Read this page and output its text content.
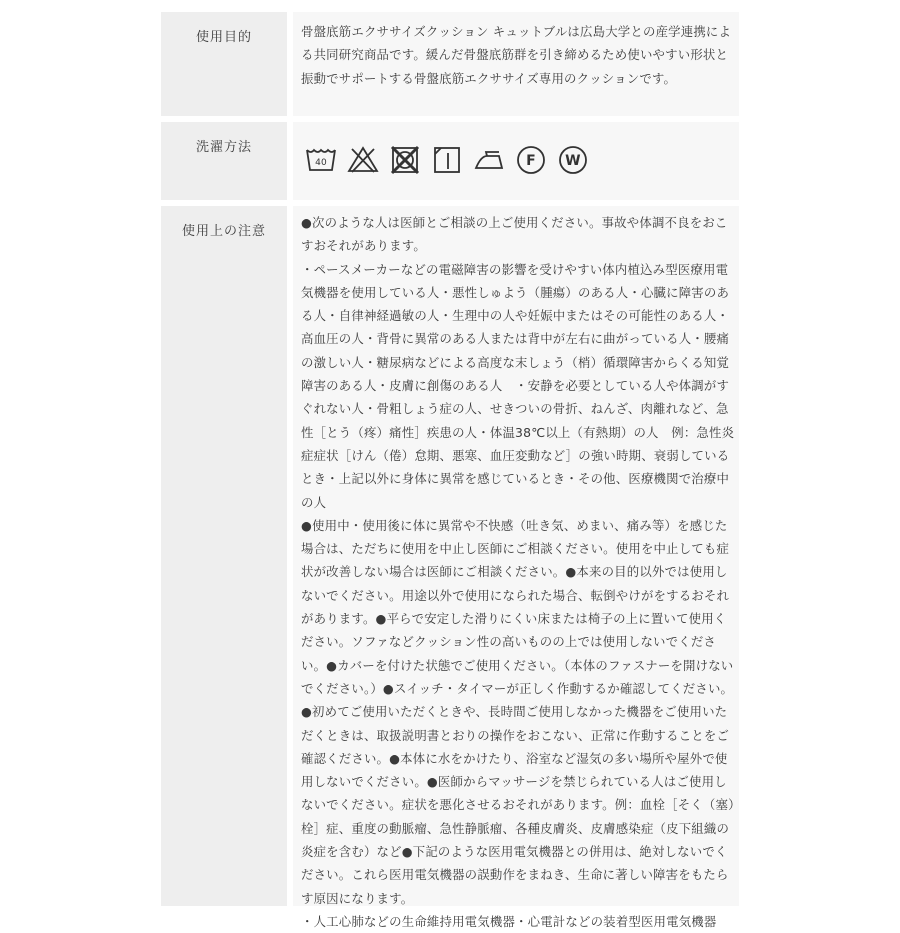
使用目的	骨盤底筋エクササイズクッション キュットブルは広島大学との産学連携による共同研究商品です。緩んだ骨盤底筋群を引き締めるため使いやすい形状と振動でサポートする骨盤底筋エクササイズ専用のクッションです。
洗濯方法
40	F W
使用上の注意

●次のような人は医師とご相談の上ご使用ください。事故や体調不良をおこすおそれがあります。

・ペースメーカーなどの電磁障害の影響を受けやすい体内植込み型医療用電気機器を使用している人・悪性しゅよう（腫瘍）のある人・心臓に障害のある人・自律神経過敏の人・生理中の人や妊娠中またはその可能性のある人・高血圧の人・背骨に異常のある人または背中が左右に曲がっている人・腰痛の激しい人・糖尿病などによる高度な末しょう（梢）循環障害からくる知覚障害のある人・皮膚に創傷のある人　・安静を必要としている人や体調がすぐれない人・骨粗しょう症の人、せきついの骨折、ねんざ、肉離れなど、急性［とう（疼）痛性］疾患の人・体温38℃以上（有熱期）の人　例：急性炎症症状［けん（倦）怠期、悪寒、血圧変動など］の強い時期、衰弱しているとき・上記以外に身体に異常を感じているとき・その他、医療機関で治療中の人

●使用中・使用後に体に異常や不快感（吐き気、めまい、痛み等）を感じた場合は、ただちに使用を中止し医師にご相談ください。使用を中止しても症状が改善しない場合は医師にご相談ください。●本来の目的以外では使用しないでください。用途以外で使用になられた場合、転倒やけがをするおそれがあります。●平らで安定した滑りにくい床または椅子の上に置いて使用ください。ソファなどクッション性の高いものの上では使用しないでください。●カバーを付けた状態でご使用ください。（本体のファスナーを開けないでください。）●スイッチ・タイマーが正しく作動するか確認してください。●初めてご使用いただくときや、長時間ご使用しなかった機器をご使用いただくときは、取扱説明書とおりの操作をおこない、正常に作動することをご確認ください。●本体に水をかけたり、浴室など湿気の多い場所や屋外で使用しないでください。●医師からマッサージを禁じられている人はご使用しないでください。症状を悪化させるおそれがあります。例：血栓［そく（塞）栓］症、重度の動脈瘤、急性静脈瘤、各種皮膚炎、皮膚感染症（皮下組織の炎症を含む）など●下記のような医用電気機器との併用は、絶対しないでください。これら医用電気機器の誤動作をまねき、生命に著しい障害をもたらす原因になります。

・人工心肺などの生命維持用電気機器・心電計などの装着型医用電気機器
